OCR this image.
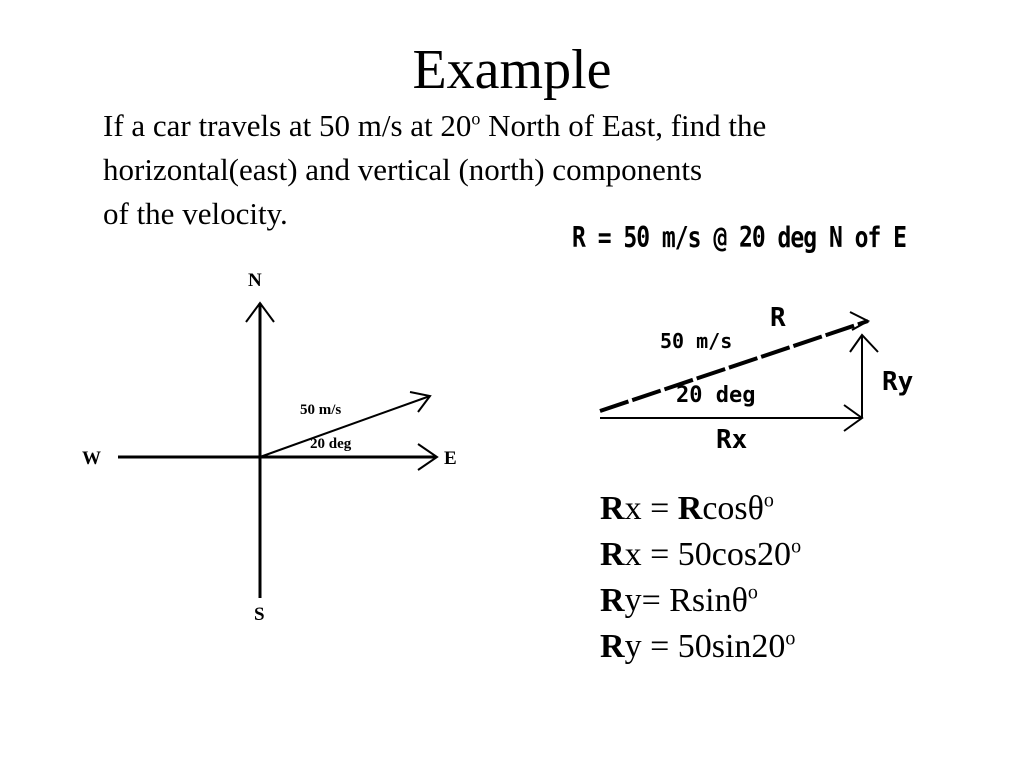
Example
If a car travels at 50 m/s at 20$^o$ North of East, find the
horizontal(east) and vertical (north) components
of the velocity.
R = 50 m/s @ 20 deg N of E
N
S
E
W
50 m/s
20 deg
R
50 m/s
20 deg
Rx
Ry
Rx = Rcosθ$^o$
$Rx = 50\cos 20^o$
Ry= Rsinθ$^o$
$Ry = 50\sin 20^o$
